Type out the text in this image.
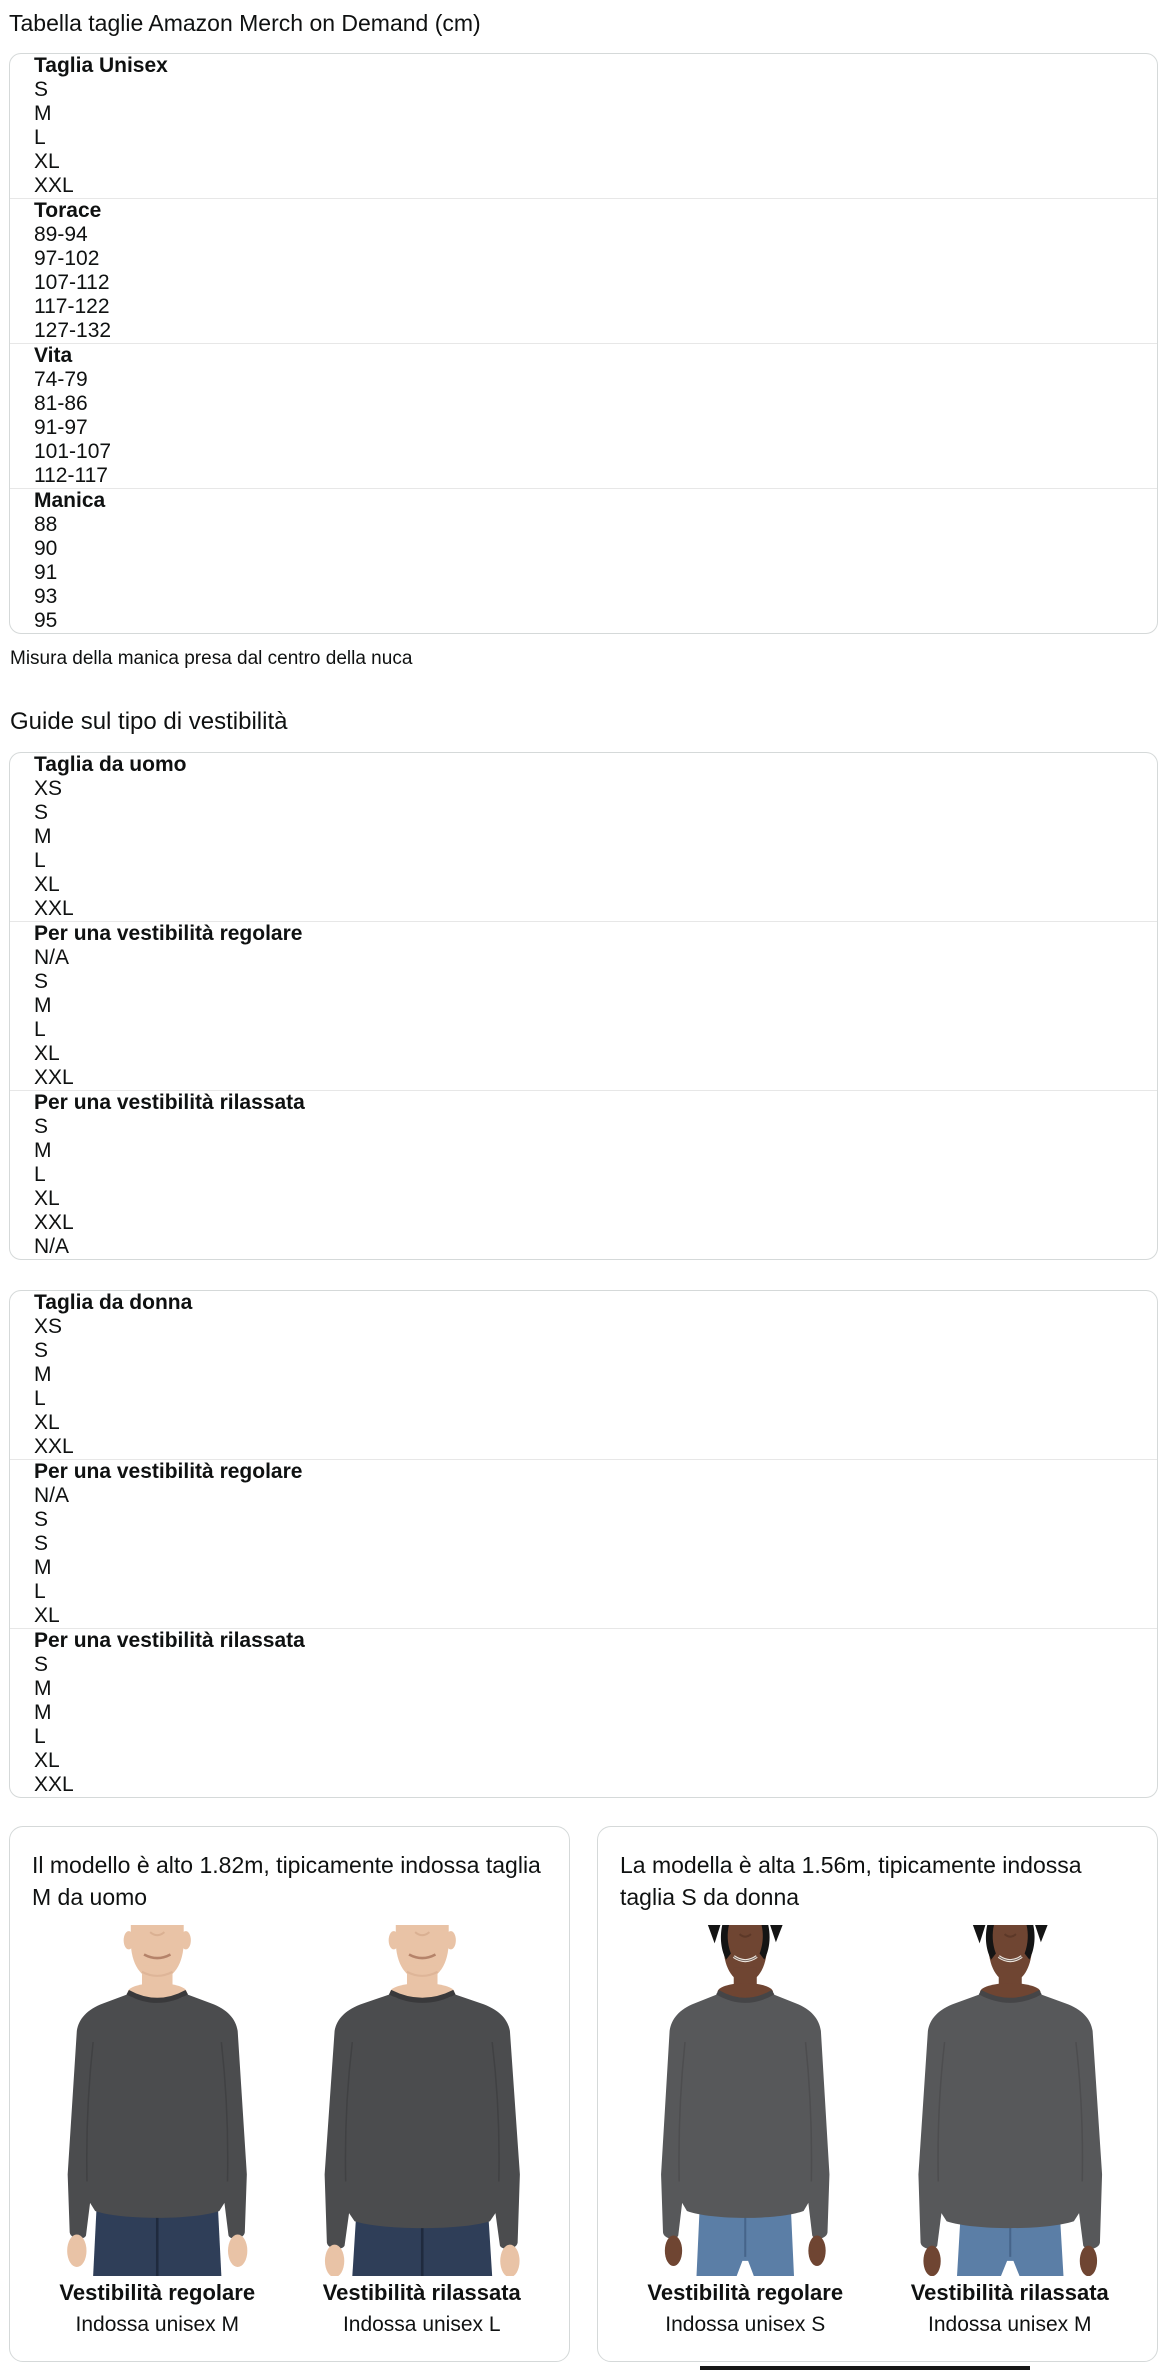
Tabella taglie Amazon Merch on Demand (cm)
Taglia Unisex
S
M
L
XL
XXL
Torace
89-94
97-102
107-112
117-122
127-132
Vita
74-79
81-86
91-97
101-107
112-117
Manica
88
90
91
93
95

Misura della manica presa dal centro della nuca

Guide sul tipo di vestibilità
Taglia da uomo
XS
S
M
L
XL
XXL
Per una vestibilità regolare
N/A
S
M
L
XL
XXL
Per una vestibilità rilassata
S
M
L
XL
XXL
N/A
Taglia da donna
XS
S
M
L
XL
XXL
Per una vestibilità regolare
N/A
S
S
M
L
XL
Per una vestibilità rilassata
S
M
M
L
XL
XXL

Il modello è alto 1.82m, tipicamente indossa taglia M da uomo

Vestibilità regolare
Indossa unisex M
Vestibilità rilassata
Indossa unisex L

La modella è alta 1.56m, tipicamente indossa taglia S da donna

Vestibilità regolare
Indossa unisex S
Vestibilità rilassata
Indossa unisex M
